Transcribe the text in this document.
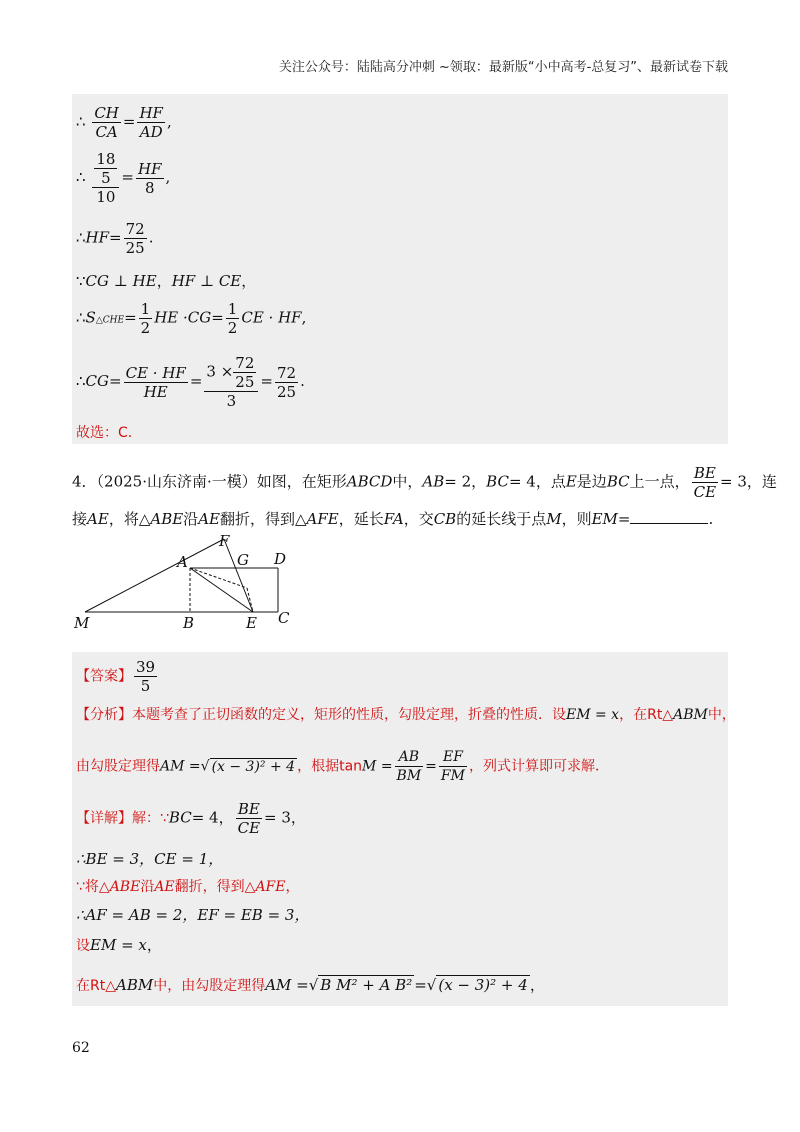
关注公众号：陆陆高分冲刺 ~领取：最新版“小中高考-总复习”、最新试卷下载
∴ $\frac{CH}{CA} = \frac{HF}{AD}$ ,
∴ $\frac{\frac{18}{5}}{10} = \frac{HF}{8}$ ,
∴HF= $\frac{72}{25}$ .
∵CG ⊥ HE，HF ⊥ CE，
∴S△CHE= $\frac{1}{2}$ HE $\cdot CG= \frac{1}{2}$ CE · HF,
∴CG= $\frac{CE \cdot HF}{HE} = \frac{3 \times \frac{72}{25}}{3} = \frac{72}{25}$ .
故选：C.
4．（2025·山东济南·一模）如图，在矩形ABCD中，AB= 2，BC= 4，点E是边BC上一点， $\frac{BE}{CE} = 3$，连
接AE，将△ABE沿AE翻折，得到△AFE，延长FA，交CB的延长线于点M，则EM=	.
A
F
G D
M	B	E C
【答案】 $\frac{39}{5}$
【分析】本题考查了正切函数的定义，矩形的性质，勾股定理，折叠的性质．设EM = x，在Rt△ABM中，
由勾股定理得AM =√ (x − 3)² + 4 ，根据$\tan M = \frac{AB}{BM} = \frac{EF}{FM}$ ，列式计算即可求解．
【详解】解：∵BC= 4， $\frac{BE}{CE} = 3$，
∴BE = 3，CE = 1，
∵将△ABE沿AE翻折，得到△AFE，
∴AF = AB = 2，EF = EB = 3，
设EM = x，
在Rt△ABM中，由勾股定理得AM =√ B M² + A B² =√ (x − 3)² + 4 ，
62
